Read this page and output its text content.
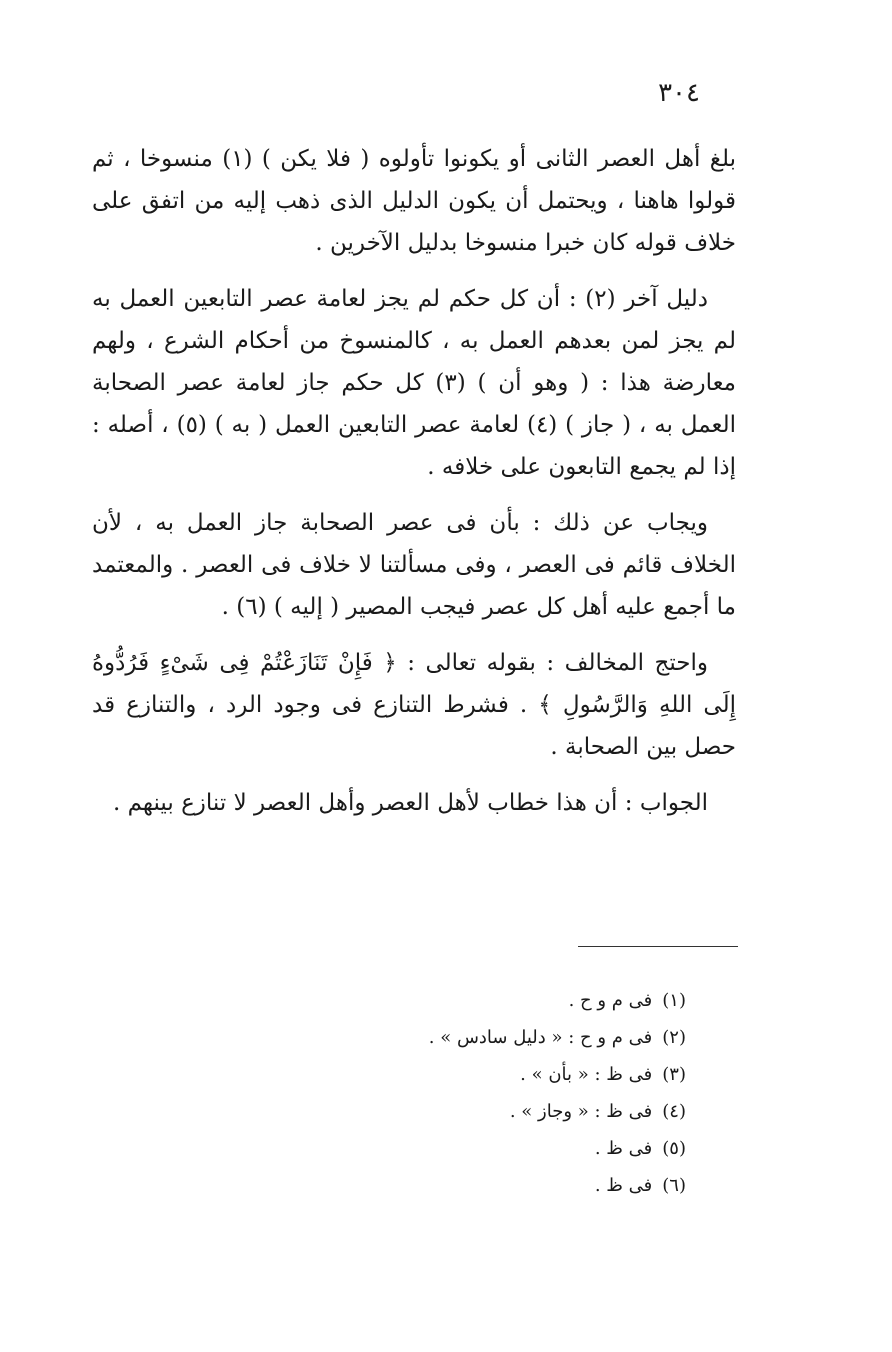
٣٠٤

بلغ أهل العصر الثانى أو يكونوا تأولوه ( فلا يكن ) (١) منسوخا ، ثم قولوا هاهنا ، ويحتمل أن يكون الدليل الذى ذهب إليه من اتفق على خلاف قوله كان خبرا منسوخا بدليل الآخرين .

دليل آخر (٢) : أن كل حكم لم يجز لعامة عصر التابعين العمل به لم يجز لمن بعدهم العمل به ، كالمنسوخ من أحكام الشرع ، ولهم معارضة هذا : ( وهو أن ) (٣) كل حكم جاز لعامة عصر الصحابة العمل به ، ( جاز ) (٤) لعامة عصر التابعين العمل ( به ) (٥) ، أصله : إذا لم يجمع التابعون على خلافه .

ويجاب عن ذلك : بأن فى عصر الصحابة جاز العمل به ، لأن الخلاف قائم فى العصر ، وفى مسألتنا لا خلاف فى العصر . والمعتمد ما أجمع عليه أهل كل عصر فيجب المصير ( إليه ) (٦) .

واحتج المخالف : بقوله تعالى : ﴿ فَإِنْ تَنَازَعْتُمْ فِى شَىْءٍ فَرُدُّوهُ إِلَى اللهِ وَالرَّسُولِ ﴾ . فشرط التنازع فى وجود الرد ، والتنازع قد حصل بين الصحابة .

الجواب : أن هذا خطاب لأهل العصر وأهل العصر لا تنازع بينهم .

(١)فى م و ح .
(٢)فى م و ح : « دليل سادس » .
(٣)فى ظ : « بأن » .
(٤)فى ظ : « وجاز » .
(٥)فى ظ .
(٦)فى ظ .
